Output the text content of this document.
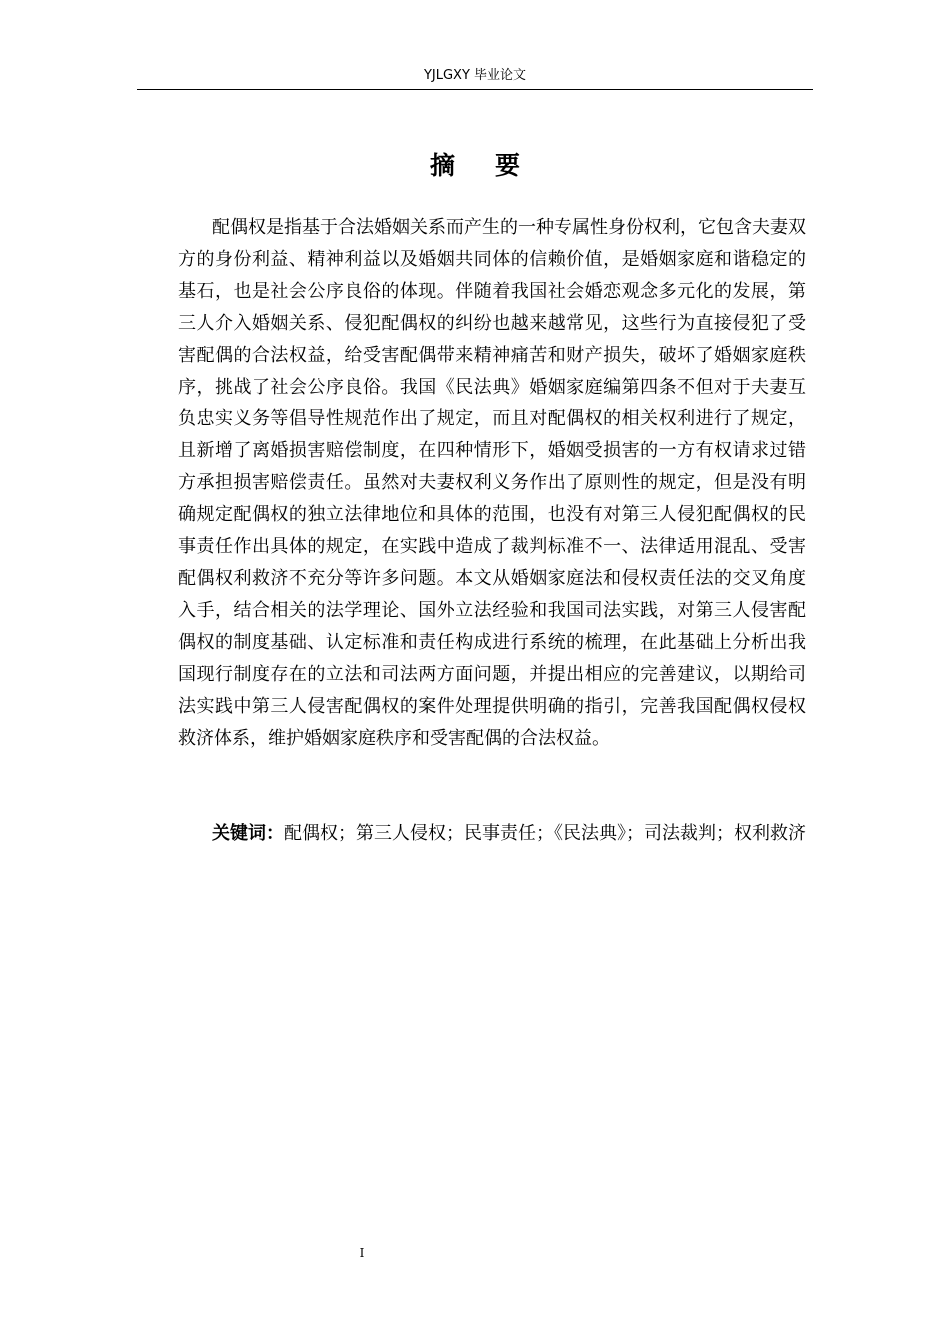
YJLGXY 毕业论文
摘要

配偶权是指基于合法婚姻关系而产生的一种专属性身份权利，它包含夫妻双方的身份利益、精神利益以及婚姻共同体的信赖价值，是婚姻家庭和谐稳定的基石，也是社会公序良俗的体现。伴随着我国社会婚恋观念多元化的发展，第三人介入婚姻关系、侵犯配偶权的纠纷也越来越常见，这些行为直接侵犯了受害配偶的合法权益，给受害配偶带来精神痛苦和财产损失，破坏了婚姻家庭秩序，挑战了社会公序良俗。我国《民法典》婚姻家庭编第四条不但对于夫妻互负忠实义务等倡导性规范作出了规定，而且对配偶权的相关权利进行了规定，且新增了离婚损害赔偿制度，在四种情形下，婚姻受损害的一方有权请求过错方承担损害赔偿责任。虽然对夫妻权利义务作出了原则性的规定，但是没有明确规定配偶权的独立法律地位和具体的范围，也没有对第三人侵犯配偶权的民事责任作出具体的规定，在实践中造成了裁判标准不一、法律适用混乱、受害配偶权利救济不充分等许多问题。本文从婚姻家庭法和侵权责任法的交叉角度入手，结合相关的法学理论、国外立法经验和我国司法实践，对第三人侵害配偶权的制度基础、认定标准和责任构成进行系统的梳理，在此基础上分析出我国现行制度存在的立法和司法两方面问题，并提出相应的完善建议，以期给司法实践中第三人侵害配偶权的案件处理提供明确的指引，完善我国配偶权侵权救济体系，维护婚姻家庭秩序和受害配偶的合法权益。

关键词：配偶权；第三人侵权；民事责任；《民法典》；司法裁判；权利救济

I
